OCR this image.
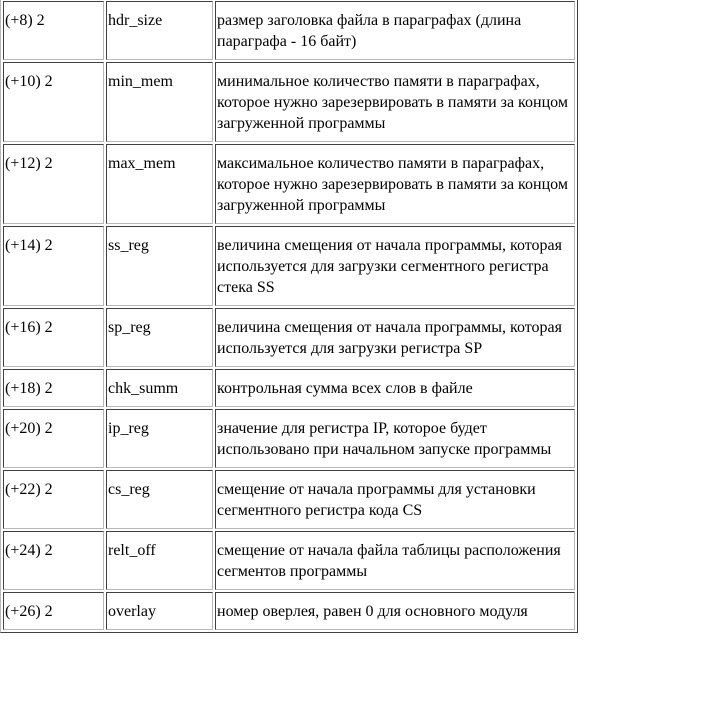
(+8) 2	hdr_size	размер заголовка файла в параграфах (длина параграфа - 16 байт)
(+10) 2	min_mem	минимальное количество памяти в параграфах, которое нужно зарезервировать в памяти за концом загруженной программы
(+12) 2	max_mem	максимальное количество памяти в параграфах, которое нужно зарезервировать в памяти за концом загруженной программы
(+14) 2	ss_reg	величина смещения от начала программы, которая используется для загрузки сегментного регистра стека SS
(+16) 2	sp_reg	величина смещения от начала программы, которая используется для загрузки регистра SP
(+18) 2	chk_summ	контрольная сумма всех слов в файле
(+20) 2	ip_reg	значение для регистра IP, которое будет использовано при начальном запуске программы
(+22) 2	cs_reg	смещение от начала программы для установки сегментного регистра кода CS
(+24) 2	relt_off	смещение от начала файла таблицы расположения сегментов программы
(+26) 2	overlay	номер оверлея, равен 0 для основного модуля
